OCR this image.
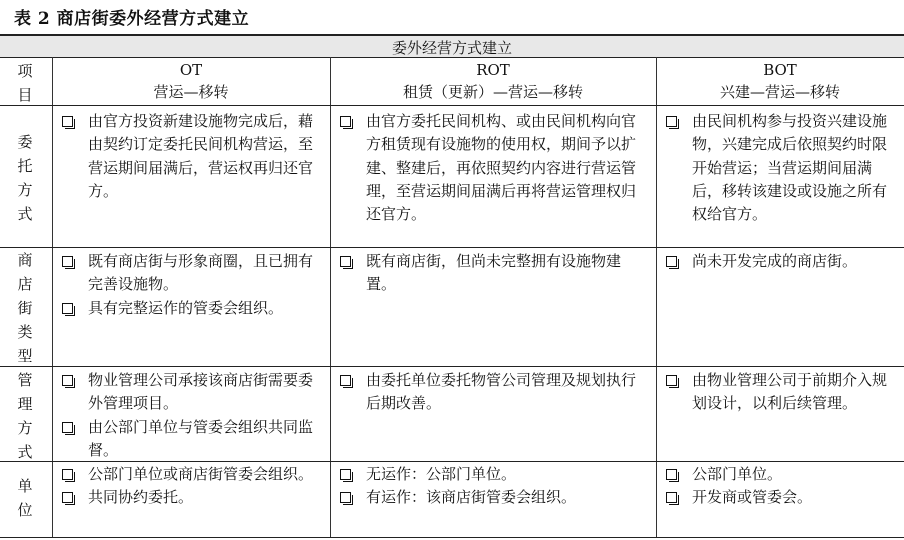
表 2 商店街委外经营方式建立
委外经营方式建立
项
目
OT
营运—移转
ROT
租赁（更新）—营运—移转
BOT
兴建—营运—移转
委
托
方
式
由官方投资新建设施物完成后，藉由契约订定委托民间机构营运，至营运期间届满后，营运权再归还官方。
由官方委托民间机构、或由民间机构向官方租赁现有设施物的使用权，期间予以扩建、整建后，再依照契约内容进行营运管理，至营运期间届满后再将营运管理权归还官方。
由民间机构参与投资兴建设施物，兴建完成后依照契约时限开始营运；当营运期间届满后，移转该建设或设施之所有权给官方。
商
店
街
类
型
既有商店街与形象商圈，且已拥有完善设施物。
具有完整运作的管委会组织。
既有商店街，但尚未完整拥有设施物建置。
尚未开发完成的商店街。
管
理
方
式
物业管理公司承接该商店街需要委外管理项目。
由公部门单位与管委会组织共同监督。
由委托单位委托物管公司管理及规划执行后期改善。
由物业管理公司于前期介入规划设计，以利后续管理。
单
位
公部门单位或商店街管委会组织。
共同协约委托。
无运作：公部门单位。
有运作：该商店街管委会组织。
公部门单位。
开发商或管委会。
